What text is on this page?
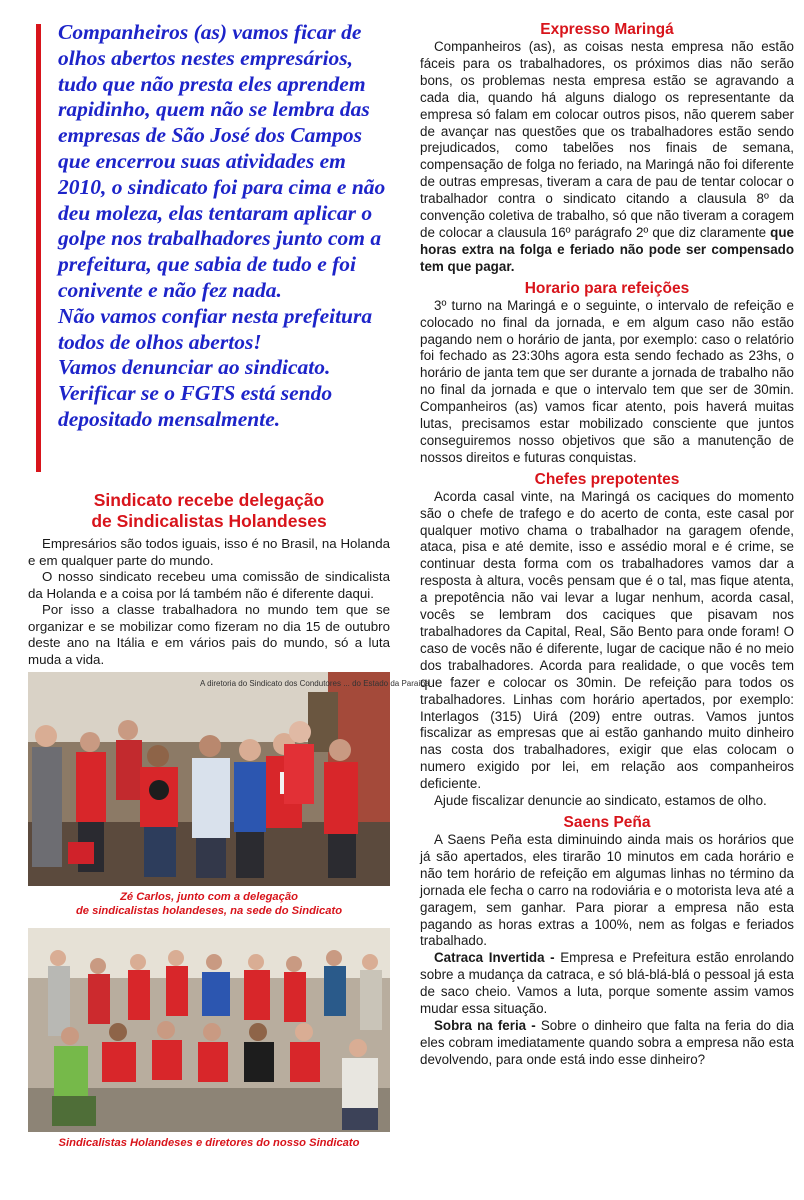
Companheiros (as) vamos ficar de olhos abertos nestes empresários, tudo que não presta eles aprendem rapidinho, quem não se lembra das empresas de São José dos Campos que encerrou suas atividades em 2010, o sindicato foi para cima e não deu moleza, elas tentaram aplicar o golpe nos trabalhadores junto com a prefeitura, que sabia de tudo e foi conivente e não fez nada.

Não vamos confiar nesta prefeitura todos de olhos abertos!

Vamos denunciar ao sindicato.

Verificar se o FGTS está sendo depositado mensalmente.

Sindicato recebe delegação
de Sindicalistas Holandeses

Empresários são todos iguais, isso é no Brasil, na Holanda e em qualquer parte do mundo.

O nosso sindicato recebeu uma comissão de sindicalista da Holanda e a coisa por lá também não é diferente daqui.

Por isso a classe trabalhadora no mundo tem que se organizar e se mobilizar como fizeram no dia 15 de outubro deste ano na Itália e em vários pais do mundo, só a luta muda a vida.

A diretoria do Sindicato dos Condutores ... do Estado da Paraíba

Zé Carlos, junto com a delegação

de sindicalistas holandeses, na sede do Sindicato

Sindicalistas Holandeses e diretores do nosso Sindicato

Expresso Maringá

Companheiros (as), as coisas nesta empresa não estão fáceis para os trabalhadores, os próximos dias não serão bons, os problemas nesta empresa estão se agravando a cada dia, quando há alguns dialogo os representante da empresa só falam em colocar outros pisos, não querem saber de avançar nas questões que os trabalhadores estão sendo prejudicados, como tabelões nos finais de semana, compensação de folga no feriado, na Maringá não foi diferente de outras empresas, tiveram a cara de pau de tentar colocar o trabalhador contra o sindicato citando a clausula 8º da convenção coletiva de trabalho, só que não tiveram a coragem de colocar a clausula 16º parágrafo 2º que diz claramente que horas extra na folga e feriado não pode ser compensado tem que pagar.

Horario para refeições

3º turno na Maringá e o seguinte, o intervalo de refeição e colocado no final da jornada, e em algum caso não estão pagando nem o horário de janta, por exemplo: caso o relatório foi fechado as 23:30hs agora esta sendo fechado as 23hs, o horário de janta tem que ser durante a jornada de trabalho não no final da jornada e que o intervalo tem que ser de 30min. Companheiros (as) vamos ficar atento, pois haverá muitas lutas, precisamos estar mobilizado consciente que juntos conseguiremos nosso objetivos que são a manutenção de nossos direitos e futuras conquistas.

Chefes prepotentes

Acorda casal vinte, na Maringá os caciques do momento são o chefe de trafego e do acerto de conta, este casal por qualquer motivo chama o trabalhador na garagem ofende, ataca, pisa e até demite, isso e assédio moral e é crime, se continuar desta forma com os trabalhadores vamos dar a resposta à altura, vocês pensam que é o tal, mas fique atenta, a prepotência não vai levar a lugar nenhum, acorda casal, vocês se lembram dos caciques que pisavam nos trabalhadores da Capital, Real, São Bento para onde foram! O caso de vocês não é diferente, lugar de cacique não é no meio dos trabalhadores. Acorda para realidade, o que vocês tem que fazer e colocar os 30min. De refeição para todos os trabalhadores. Linhas com horário apertados, por exemplo: Interlagos (315) Uirá (209) entre outras. Vamos juntos fiscalizar as empresas que ai estão ganhando muito dinheiro nas costa dos trabalhadores, exigir que elas colocam o numero exigido por lei, em relação aos companheiros deficiente.

Ajude fiscalizar denuncie ao sindicato, estamos de olho.

Saens Peña

A Saens Peña esta diminuindo ainda mais os horários que já são apertados, eles tirarão 10 minutos em cada horário e não tem horário de refeição em algumas linhas no término da jornada ele fecha o carro na rodoviária e o motorista leva até a garagem, sem ganhar. Para piorar a empresa não esta pagando as horas extras a 100%, nem as folgas e feriados trabalhado.

Catraca Invertida - Empresa e Prefeitura estão enrolando sobre a mudança da catraca, e só blá-blá-blá o pessoal já esta de saco cheio. Vamos a luta, porque somente assim vamos mudar essa situação.

Sobra na feria - Sobre o dinheiro que falta na feria do dia eles cobram imediatamente quando sobra a empresa não esta devolvendo, para onde está indo esse dinheiro?
